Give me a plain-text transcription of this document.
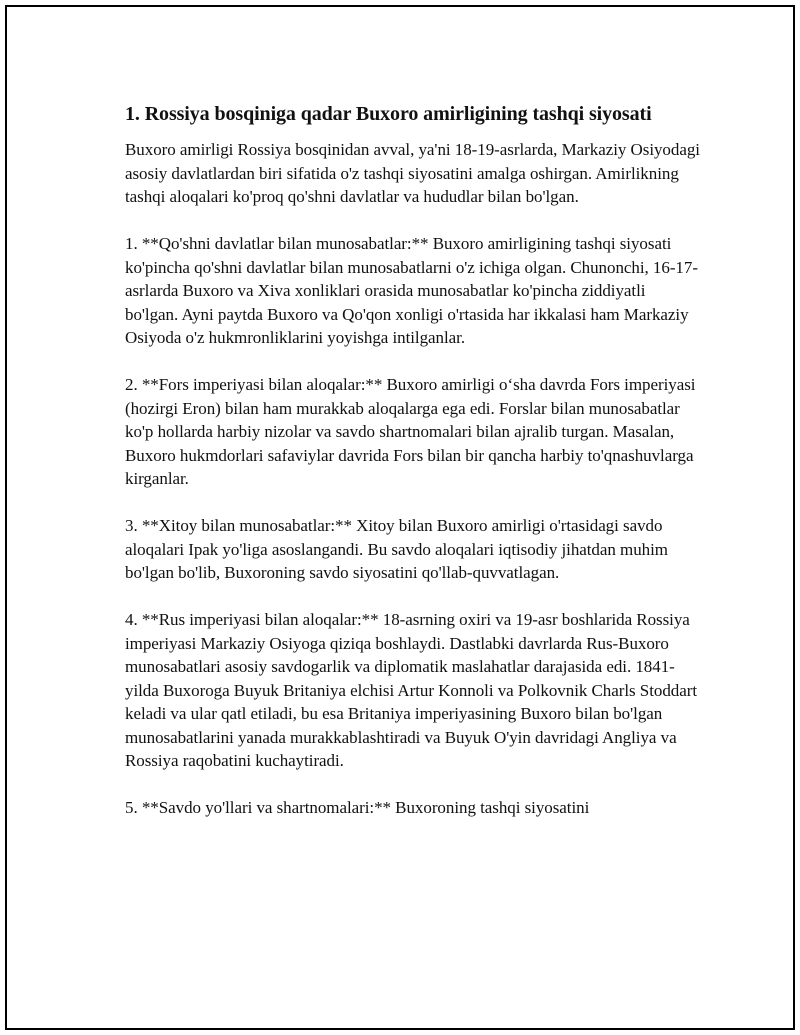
1. Rossiya bosqiniga qadar Buxoro amirligining tashqi siyosati

Buxoro amirligi Rossiya bosqinidan avval, ya'ni 18-19-asrlarda, Markaziy Osiyodagi asosiy davlatlardan biri sifatida o'z tashqi siyosatini amalga oshirgan. Amirlikning tashqi aloqalari ko'proq qo'shni davlatlar va hududlar bilan bo'lgan.

1. **Qo'shni davlatlar bilan munosabatlar:** Buxoro amirligining tashqi siyosati ko'pincha qo'shni davlatlar bilan munosabatlarni o'z ichiga olgan. Chunonchi, 16-17-asrlarda Buxoro va Xiva xonliklari orasida munosabatlar ko'pincha ziddiyatli bo'lgan. Ayni paytda Buxoro va Qo'qon xonligi o'rtasida har ikkalasi ham Markaziy Osiyoda o'z hukmronliklarini yoyishga intilganlar.

2. **Fors imperiyasi bilan aloqalar:** Buxoro amirligi o‘sha davrda Fors imperiyasi (hozirgi Eron) bilan ham murakkab aloqalarga ega edi. Forslar bilan munosabatlar ko'p hollarda harbiy nizolar va savdo shartnomalari bilan ajralib turgan. Masalan, Buxoro hukmdorlari safaviylar davrida Fors bilan bir qancha harbiy to'qnashuvlarga kirganlar.

3. **Xitoy bilan munosabatlar:** Xitoy bilan Buxoro amirligi o'rtasidagi savdo aloqalari Ipak yo'liga asoslangandi. Bu savdo aloqalari iqtisodiy jihatdan muhim bo'lgan bo'lib, Buxoroning savdo siyosatini qo'llab-quvvatlagan.

4. **Rus imperiyasi bilan aloqalar:** 18-asrning oxiri va 19-asr boshlarida Rossiya imperiyasi Markaziy Osiyoga qiziqa boshlaydi. Dastlabki davrlarda Rus-Buxoro munosabatlari asosiy savdogarlik va diplomatik maslahatlar darajasida edi. 1841-yilda Buxoroga Buyuk Britaniya elchisi Artur Konnoli va Polkovnik Charls Stoddart keladi va ular qatl etiladi, bu esa Britaniya imperiyasining Buxoro bilan bo'lgan munosabatlarini yanada murakkablashtiradi va Buyuk O'yin davridagi Angliya va Rossiya raqobatini kuchaytiradi.

5. **Savdo yo'llari va shartnomalari:** Buxoroning tashqi siyosatini
